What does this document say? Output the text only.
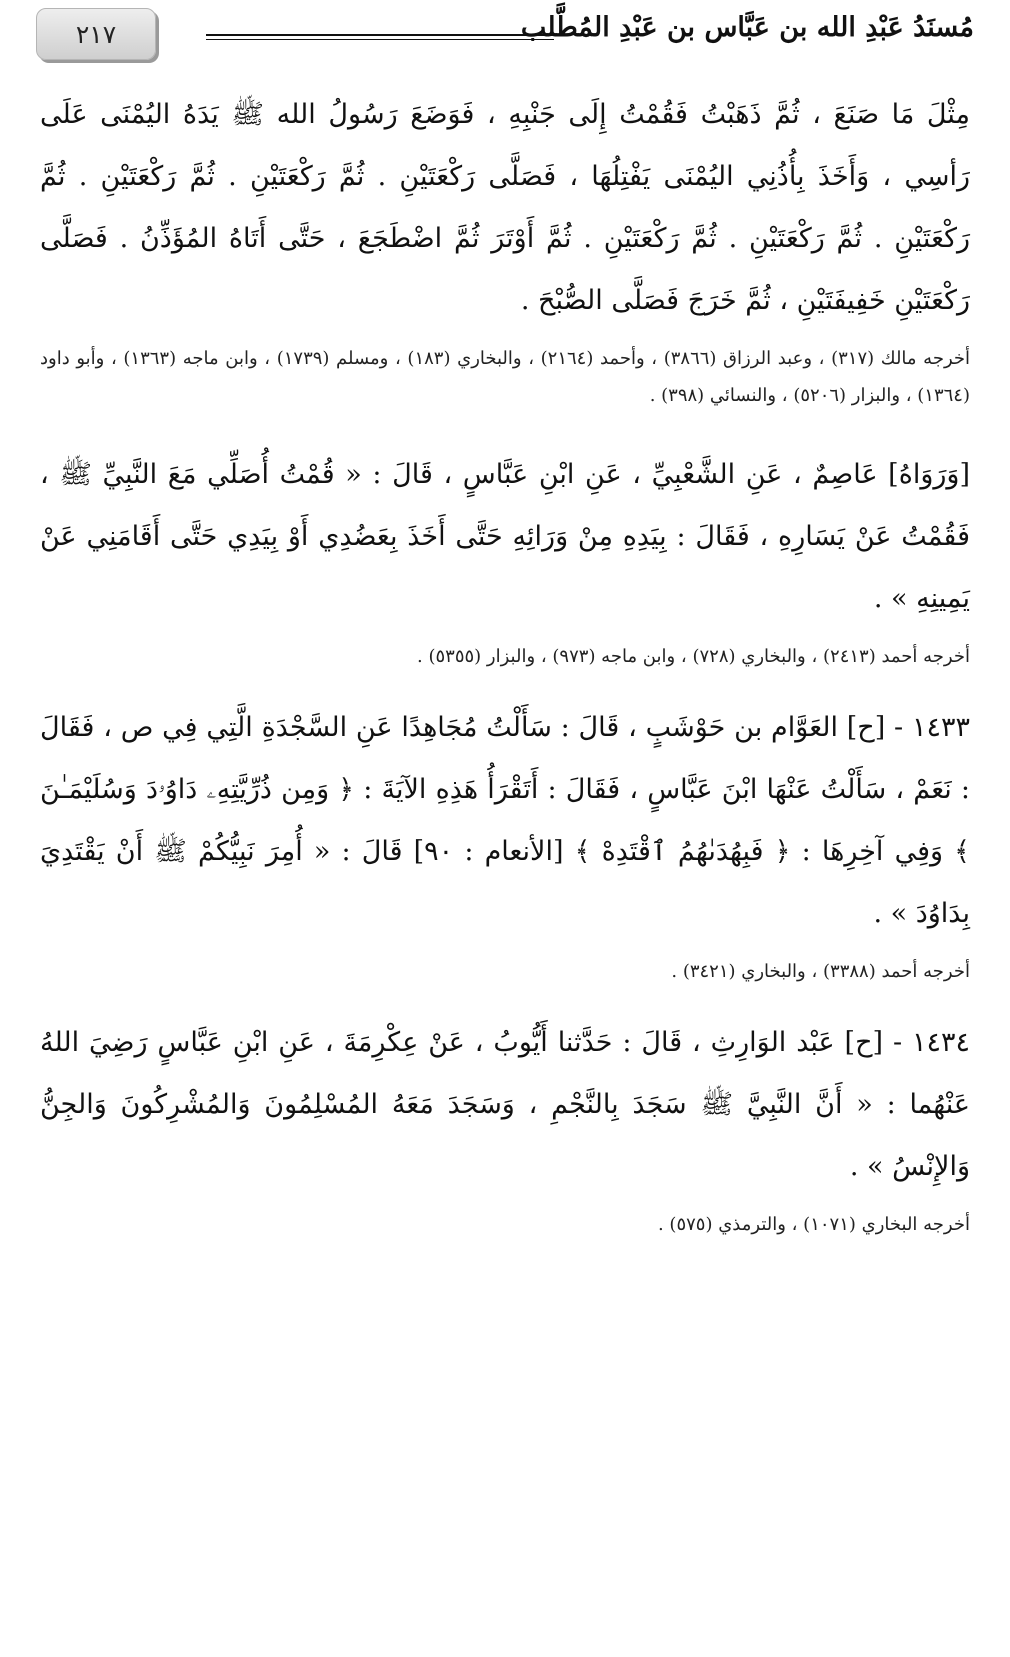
٢١٧	مُسنَدُ عَبْدِ الله بن عَبَّاس بن عَبْدِ المُطَّلب

مِثْلَ مَا صَنَعَ ، ثُمَّ ذَهَبْتُ فَقُمْتُ إِلَى جَنْبِهِ ، فَوَضَعَ رَسُولُ الله ﷺ يَدَهُ اليُمْنَى عَلَى رَأسِي ، وَأَخَذَ بِأُذُنِي اليُمْنَى يَفْتِلُهَا ، فَصَلَّى رَكْعَتَيْنِ . ثُمَّ رَكْعَتَيْنِ . ثُمَّ رَكْعَتَيْنِ . ثُمَّ رَكْعَتَيْنِ . ثُمَّ رَكْعَتَيْنِ . ثُمَّ رَكْعَتَيْنِ . ثُمَّ أَوْتَرَ ثُمَّ اضْطَجَعَ ، حَتَّى أَتَاهُ المُؤَذِّنُ . فَصَلَّى رَكْعَتَيْنِ خَفِيفَتَيْنِ ، ثُمَّ خَرَجَ فَصَلَّى الصُّبْحَ .

أخرجه مالك (٣١٧) ، وعبد الرزاق (٣٨٦٦) ، وأحمد (٢١٦٤) ، والبخاري (١٨٣) ، ومسلم (١٧٣٩) ، وابن ماجه (١٣٦٣) ، وأبو داود (١٣٦٤) ، والبزار (٥٢٠٦) ، والنسائي (٣٩٨) .

[وَرَوَاهُ] عَاصِمٌ ، عَنِ الشَّعْبِيِّ ، عَنِ ابْنِ عَبَّاسٍ ، قَالَ : « قُمْتُ أُصَلِّي مَعَ النَّبِيِّ ﷺ ، فَقُمْتُ عَنْ يَسَارِهِ ، فَقَالَ : بِيَدِهِ مِنْ وَرَائِهِ حَتَّى أَخَذَ بِعَضُدِي أَوْ بِيَدِي حَتَّى أَقَامَنِي عَنْ يَمِينِهِ » .

أخرجه أحمد (٢٤١٣) ، والبخاري (٧٢٨) ، وابن ماجه (٩٧٣) ، والبزار (٥٣٥٥) .

١٤٣٣ - [ح] العَوَّام بن حَوْشَبٍ ، قَالَ : سَأَلْتُ مُجَاهِدًا عَنِ السَّجْدَةِ الَّتِي فِي ص ، فَقَالَ : نَعَمْ ، سَأَلْتُ عَنْهَا ابْنَ عَبَّاسٍ ، فَقَالَ : أَتَقْرَأُ هَذِهِ الآيَةَ : ﴿ وَمِن ذُرِّيَّتِهِۦ دَاوُۥدَ وَسُلَيْمَـٰنَ ﴾ وَفِي آخِرِهَا : ﴿ فَبِهُدَىٰهُمُ ٱقْتَدِهْ ﴾ [الأنعام : ٩٠] قَالَ : « أُمِرَ نَبِيُّكُمْ ﷺ أَنْ يَقْتَدِيَ بِدَاوُدَ » .

أخرجه أحمد (٣٣٨٨) ، والبخاري (٣٤٢١) .

١٤٣٤ - [ح] عَبْد الوَارِثِ ، قَالَ : حَدَّثنا أَيُّوبُ ، عَنْ عِكْرِمَةَ ، عَنِ ابْنِ عَبَّاسٍ رَضِيَ اللهُ عَنْهُما : « أَنَّ النَّبِيَّ ﷺ سَجَدَ بِالنَّجْمِ ، وَسَجَدَ مَعَهُ المُسْلِمُونَ وَالمُشْرِكُونَ وَالجِنُّ وَالإِنْسُ » .

أخرجه البخاري (١٠٧١) ، والترمذي (٥٧٥) .
